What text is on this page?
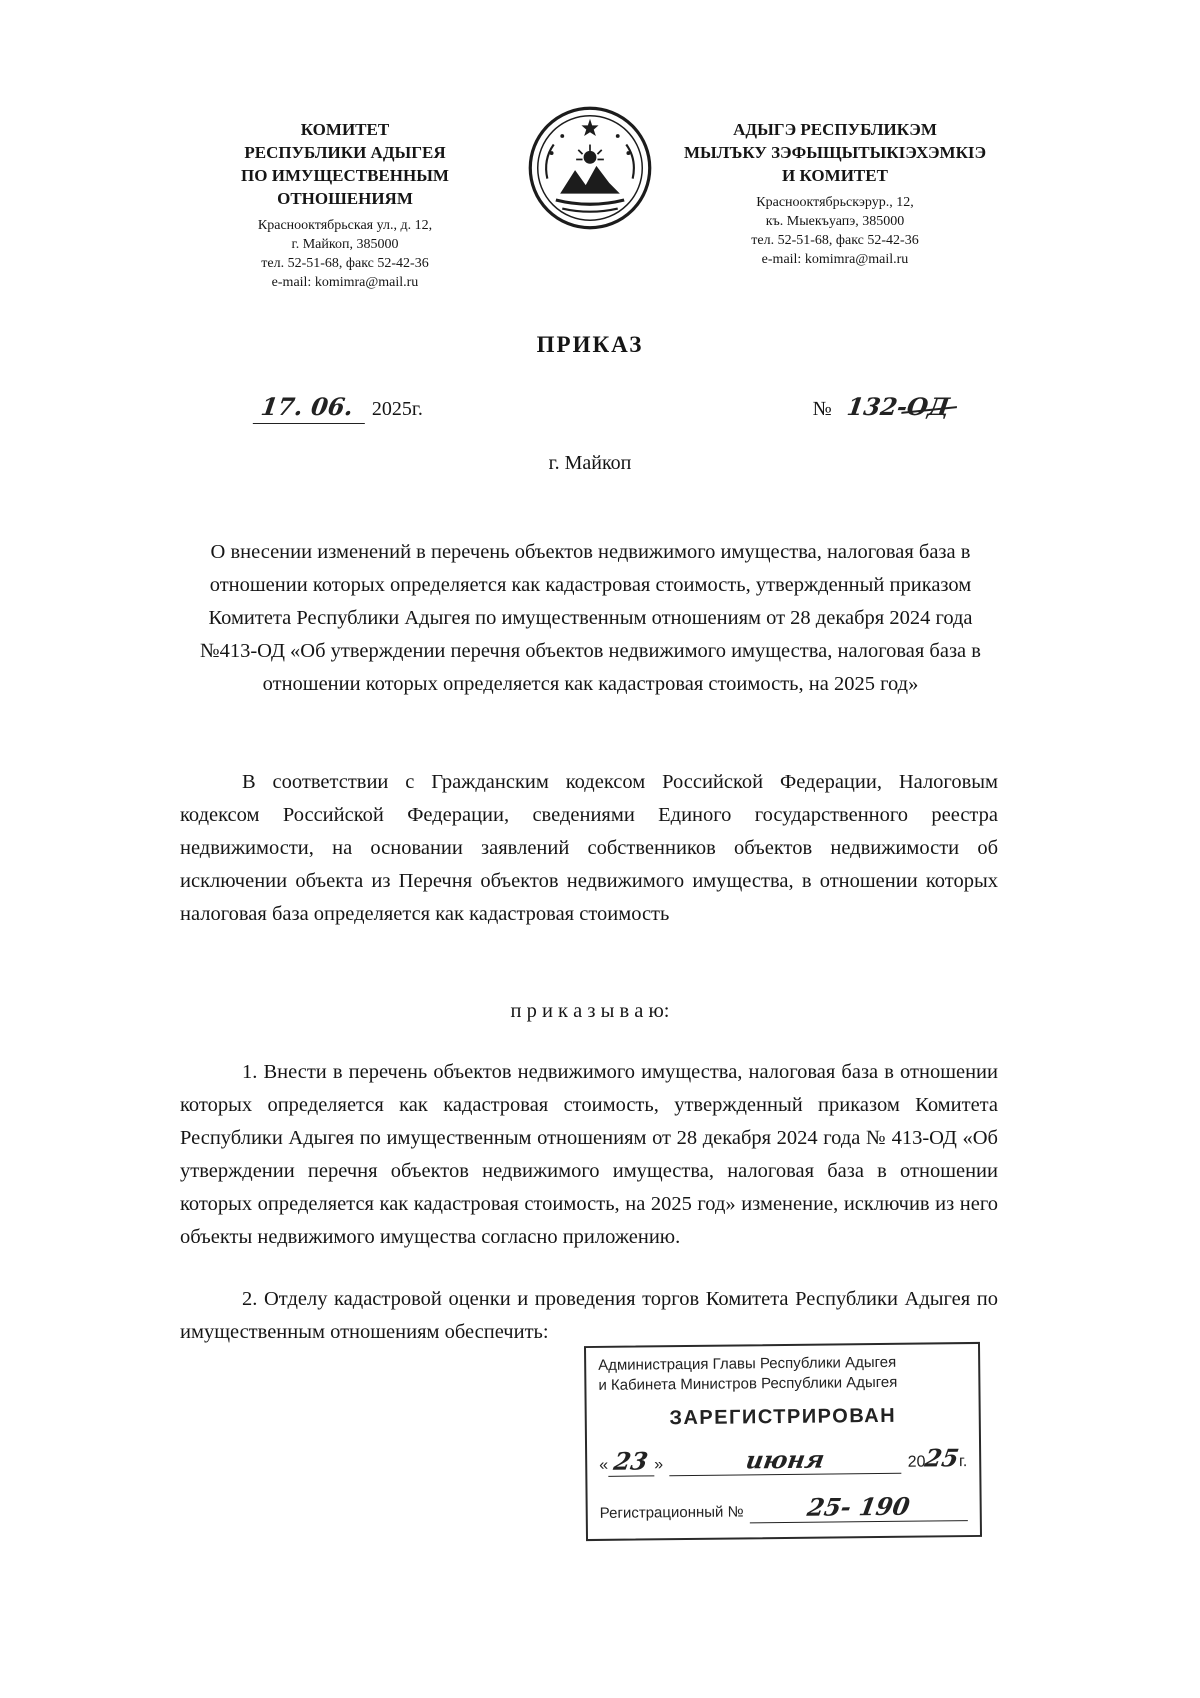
КОМИТЕТ
РЕСПУБЛИКИ АДЫГЕЯ
ПО ИМУЩЕСТВЕННЫМ ОТНОШЕНИЯМ
Краснооктябрьская ул., д. 12,
г. Майкоп, 385000
тел. 52-51-68, факс 52-42-36
e-mail: komimra@mail.ru
АДЫГЭ РЕСПУБЛИКЭМ
МЫЛЪКУ ЗЭФЫЩЫТЫКIЭХЭМКIЭ
И КОМИТЕТ
Краснооктябрьскэрур., 12,
къ. Мыекъуапэ, 385000
тел. 52-51-68, факс 52-42-36
e-mail: komimra@mail.ru
ПРИКАЗ
17. 06. 2025г.	№ 132-ОД
г. Майкоп
О внесении изменений в перечень объектов недвижимого имущества, налоговая база в отношении которых определяется как кадастровая стоимость, утвержденный приказом Комитета Республики Адыгея по имущественным отношениям от 28 декабря 2024 года №413-ОД «Об утверждении перечня объектов недвижимого имущества, налоговая база в отношении которых определяется как кадастровая стоимость, на 2025 год»
В соответствии с Гражданским кодексом Российской Федерации, Налоговым кодексом Российской Федерации, сведениями Единого государственного реестра недвижимости, на основании заявлений собственников объектов недвижимости об исключении объекта из Перечня объектов недвижимого имущества, в отношении которых налоговая база определяется как кадастровая стоимость
п р и к а з ы в а ю:
1. Внести в перечень объектов недвижимого имущества, налоговая база в отношении которых определяется как кадастровая стоимость, утвержденный приказом Комитета Республики Адыгея по имущественным отношениям от 28 декабря 2024 года № 413-ОД «Об утверждении перечня объектов недвижимого имущества, налоговая база в отношении которых определяется как кадастровая стоимость, на 2025 год» изменение, исключив из него объекты недвижимого имущества согласно приложению.
2. Отделу кадастровой оценки и проведения торгов Комитета Республики Адыгея по имущественным отношениям обеспечить:
Администрация Главы Республики Адыгея
и Кабинета Министров Республики Адыгея
ЗАРЕГИСТРИРОВАН
« 23 »	июня	20
25
г.
Регистрационный №	25- 190
